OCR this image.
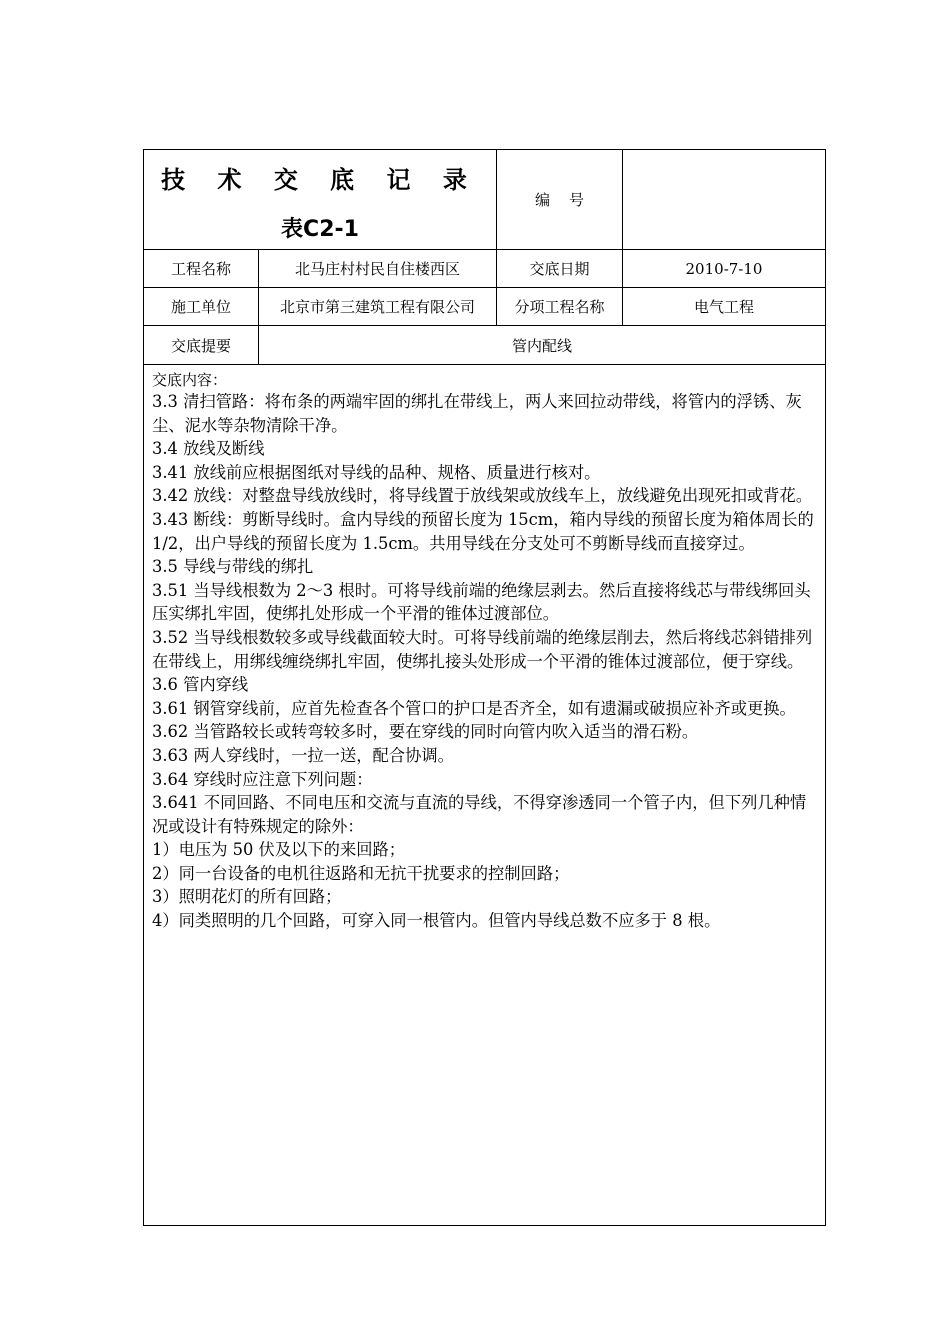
技 术 交 底 记 录
表C2-1
编    号
工程名称	北马庄村村民自住楼西区	交底日期	2010-7-10
施工单位	北京市第三建筑工程有限公司	分项工程名称	电气工程
交底提要	管内配线
交底内容：

3.3 清扫管路：将布条的两端牢固的绑扎在带线上，两人来回拉动带线，将管内的浮锈、灰尘、泥水等杂物清除干净。

3.4 放线及断线

3.41 放线前应根据图纸对导线的品种、规格、质量进行核对。

3.42 放线：对整盘导线放线时，将导线置于放线架或放线车上，放线避免出现死扣或背花。

3.43 断线：剪断导线时。盒内导线的预留长度为 15cm，箱内导线的预留长度为箱体周长的 1/2，出户导线的预留长度为 1.5cm。共用导线在分支处可不剪断导线而直接穿过。

3.5 导线与带线的绑扎

3.51 当导线根数为 2～3 根时。可将导线前端的绝缘层剥去。然后直接将线芯与带线绑回头压实绑扎牢固，使绑扎处形成一个平滑的锥体过渡部位。

3.52 当导线根数较多或导线截面较大时。可将导线前端的绝缘层削去，然后将线芯斜错排列在带线上，用绑线缠绕绑扎牢固，使绑扎接头处形成一个平滑的锥体过渡部位，便于穿线。

3.6 管内穿线

3.61 钢管穿线前，应首先检查各个管口的护口是否齐全，如有遗漏或破损应补齐或更换。

3.62 当管路较长或转弯较多时，要在穿线的同时向管内吹入适当的滑石粉。

3.63 两人穿线时，一拉一送，配合协调。

3.64 穿线时应注意下列问题：

3.641 不同回路、不同电压和交流与直流的导线，不得穿渗透同一个管子内，但下列几种情况或设计有特殊规定的除外：

1）电压为 50 伏及以下的来回路；

2）同一台设备的电机往返路和无抗干扰要求的控制回路；

3）照明花灯的所有回路；

4）同类照明的几个回路，可穿入同一根管内。但管内导线总数不应多于 8 根。
